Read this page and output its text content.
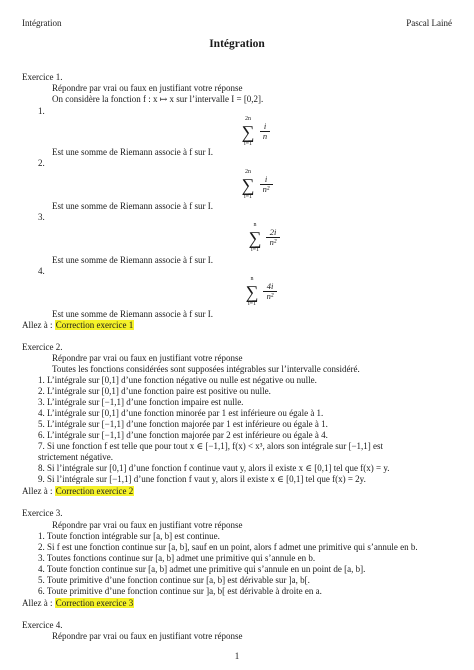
Intégration	Pascal Lainé
Intégration
Exercice 1.
Répondre par vrai ou faux en justifiant votre réponse
On considère la fonction f : x ↦ x sur l’intervalle I = [0,2].
1.
2n
∑
i=1
i
n
Est une somme de Riemann associe à f sur I.
2.
2n
∑
i=1
i
n²
Est une somme de Riemann associe à f sur I.
3.
n
∑
i=1
2i
n²
Est une somme de Riemann associe à f sur I.
4.
n
∑
i=1
4i
n²
Est une somme de Riemann associe à f sur I.
Allez à : Correction exercice 1
Exercice 2.
Répondre par vrai ou faux en justifiant votre réponse
Toutes les fonctions considérées sont supposées intégrables sur l’intervalle considéré.
1. L’intégrale sur [0,1] d’une fonction négative ou nulle est négative ou nulle.
2. L’intégrale sur [0,1] d’une fonction paire est positive ou nulle.
3. L’intégrale sur [−1,1] d’une fonction impaire est nulle.
4. L’intégrale sur [0,1] d’une fonction minorée par 1 est inférieure ou égale à 1.
5. L’intégrale sur [−1,1] d’une fonction majorée par 1 est inférieure ou égale à 1.
6. L’intégrale sur [−1,1] d’une fonction majorée par 2 est inférieure ou égale à 4.
7. Si une fonction f est telle que pour tout x ∈ [−1,1], f(x) < x³, alors son intégrale sur [−1,1] est
strictement négative.
8. Si l’intégrale sur [0,1] d’une fonction f continue vaut y, alors il existe x ∈ [0,1] tel que f(x) = y.
9. Si l’intégrale sur [−1,1] d’une fonction f vaut y, alors il existe x ∈ [0,1] tel que f(x) = 2y.
Allez à : Correction exercice 2
Exercice 3.
Répondre par vrai ou faux en justifiant votre réponse
1. Toute fonction intégrable sur [a, b] est continue.
2. Si f est une fonction continue sur [a, b], sauf en un point, alors f admet une primitive qui s’annule en b.
3. Toutes fonctions continue sur [a, b] admet une primitive qui s’annule en b.
4. Toute fonction continue sur [a, b] admet une primitive qui s’annule en un point de [a, b].
5. Toute primitive d’une fonction continue sur [a, b] est dérivable sur ]a, b[.
6. Toute primitive d’une fonction continue sur ]a, b[ est dérivable à droite en a.
Allez à : Correction exercice 3
Exercice 4.
Répondre par vrai ou faux en justifiant votre réponse
1
